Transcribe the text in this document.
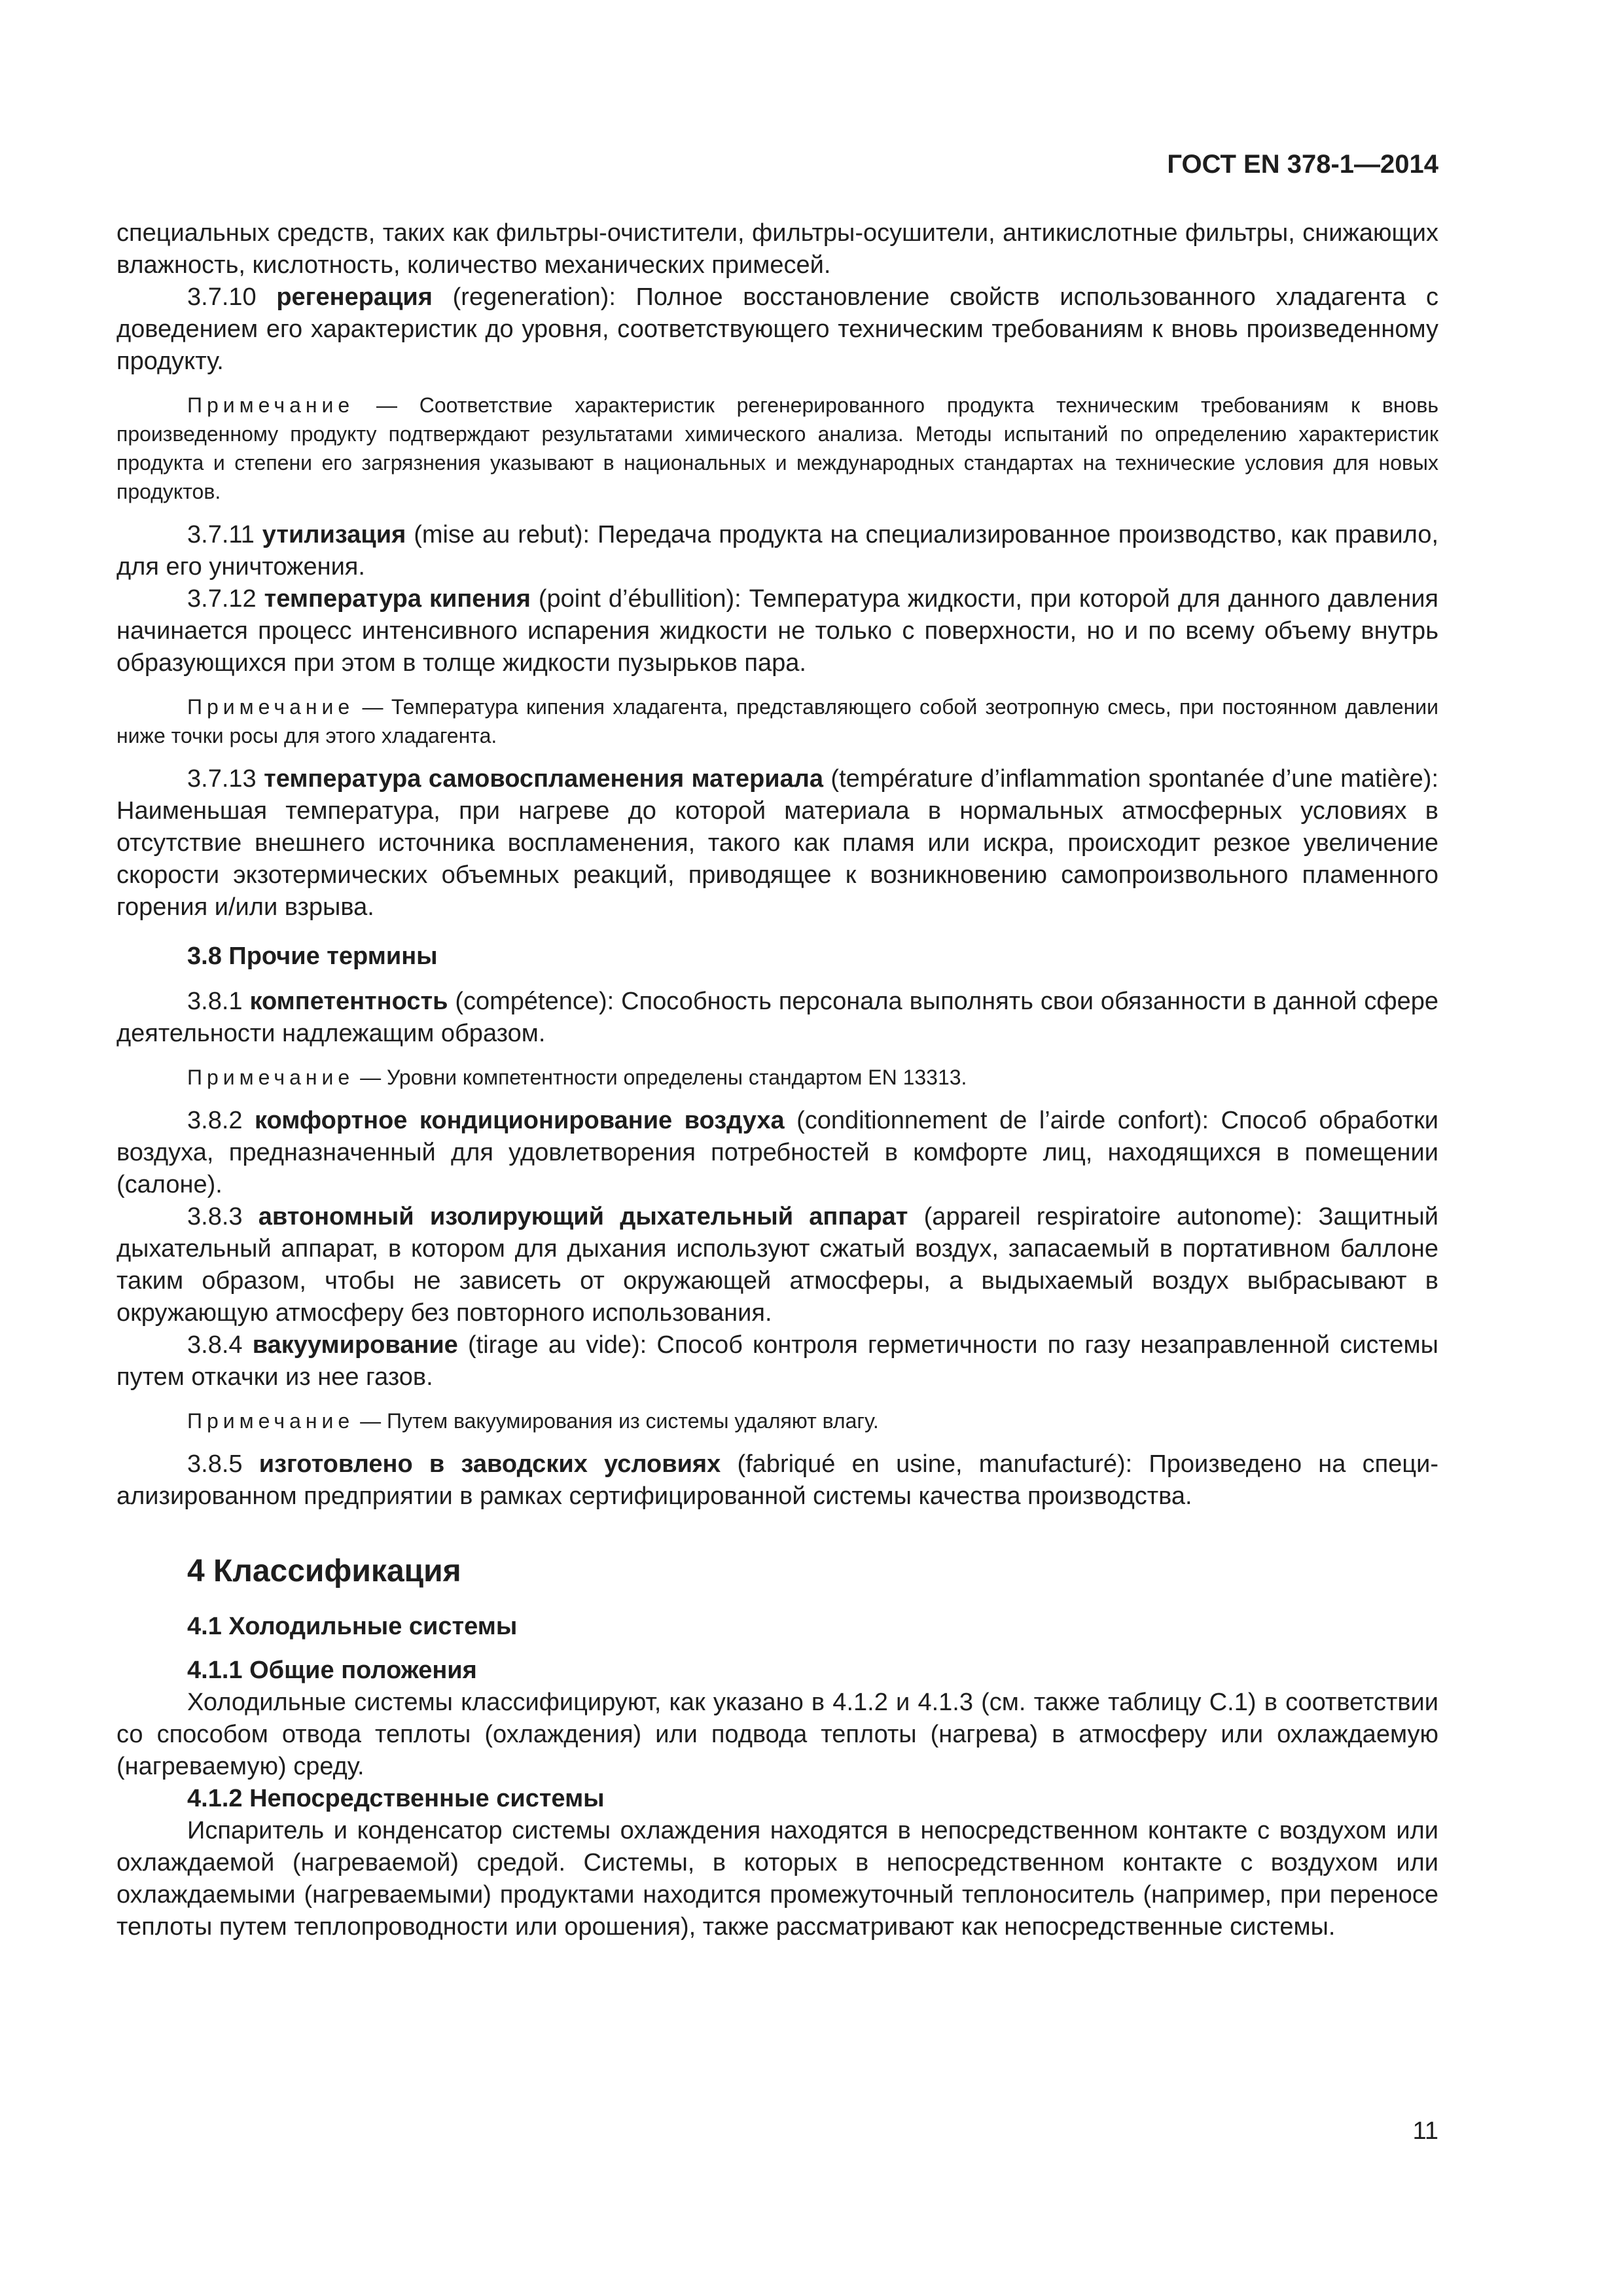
ГОСТ EN 378-1—2014

специальных средств, таких как фильтры-очистители, фильтры-осушители, антикислотные фильтры, снижающих влажность, кислотность, количество механических примесей.

3.7.10 регенерация (regeneration): Полное восстановление свойств использованного хладагента с доведением его характеристик до уровня, соответствующего техническим требованиям к вновь произведенному продукту.

Примечание — Соответствие характеристик регенерированного продукта техническим требованиям к вновь произведенному продукту подтверждают результатами химического анализа. Методы испытаний по определению характеристик продукта и степени его загрязнения указывают в национальных и международных стандартах на технические условия для новых продуктов.

3.7.11 утилизация (mise au rebut): Передача продукта на специализированное производство, как правило, для его уничтожения.

3.7.12 температура кипения (point d’ébullition): Температура жидкости, при которой для данного давления начинается процесс интенсивного испарения жидкости не только с поверхности, но и по всему объему внутрь образующихся при этом в толще жидкости пузырьков пара.

Примечание — Температура кипения хладагента, представляющего собой зеотропную смесь, при постоянном давлении ниже точки росы для этого хладагента.

3.7.13 температура самовоспламенения материала (température d’inflammation spontanée d’une matière): Наименьшая температура, при нагреве до которой материала в нормальных атмосферных условиях в отсутствие внешнего источника воспламенения, такого как пламя или искра, происходит резкое увеличение скорости экзотермических объемных реакций, приводящее к возникновению самопроизвольного пламенного горения и/или взрыва.

3.8 Прочие термины

3.8.1 компетентность (compétence): Способность персонала выполнять свои обязанности в данной сфере деятельности надлежащим образом.

Примечание — Уровни компетентности определены стандартом EN 13313.

3.8.2 комфортное кондиционирование воздуха (conditionnement de l’airde confort): Способ обработки воздуха, предназначенный для удовлетворения потребностей в комфорте лиц, находящихся в помещении (салоне).

3.8.3 автономный изолирующий дыхательный аппарат (appareil respiratoire autonome): Защитный дыхательный аппарат, в котором для дыхания используют сжатый воздух, запасаемый в портативном баллоне таким образом, чтобы не зависеть от окружающей атмосферы, а выдыхаемый воздух выбрасывают в окружающую атмосферу без повторного использования.

3.8.4 вакуумирование (tirage au vide): Способ контроля герметичности по газу незаправленной системы путем откачки из нее газов.

Примечание — Путем вакуумирования из системы удаляют влагу.

3.8.5 изготовлено в заводских условиях (fabriqué en usine, manufacturé): Произведено на специализированном предприятии в рамках сертифицированной системы качества производства.

4 Классификация
4.1 Холодильные системы
4.1.1 Общие положения

Холодильные системы классифицируют, как указано в 4.1.2 и 4.1.3 (см. также таблицу С.1) в соответствии со способом отвода теплоты (охлаждения) или подвода теплоты (нагрева) в атмосферу или охлаждаемую (нагреваемую) среду.

4.1.2 Непосредственные системы

Испаритель и конденсатор системы охлаждения находятся в непосредственном контакте с воздухом или охлаждаемой (нагреваемой) средой. Системы, в которых в непосредственном контакте с воздухом или охлаждаемыми (нагреваемыми) продуктами находится промежуточный теплоноситель (например, при переносе теплоты путем теплопроводности или орошения), также рассматривают как непосредственные системы.

11
